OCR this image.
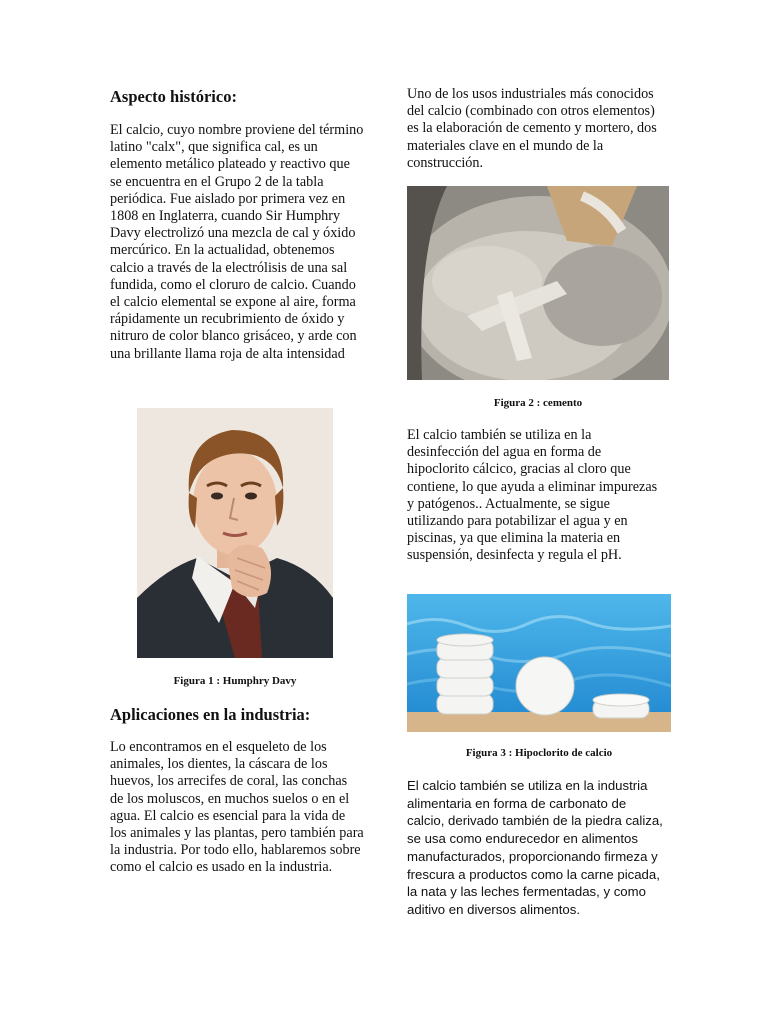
Aspecto histórico:

El calcio, cuyo nombre proviene del término latino "calx", que significa cal, es un elemento metálico plateado y reactivo que se encuentra en el Grupo 2 de la tabla periódica. Fue aislado por primera vez en 1808 en Inglaterra, cuando Sir Humphry Davy electrolizó una mezcla de cal y óxido mercúrico. En la actualidad, obtenemos calcio a través de la electrólisis de una sal fundida, como el cloruro de calcio. Cuando el calcio elemental se expone al aire, forma rápidamente un recubrimiento de óxido y nitruro de color blanco grisáceo, y arde con una brillante llama roja de alta intensidad

Figura 1 : Humphry Davy

Aplicaciones en la industria:

Lo encontramos en el esqueleto de los animales, los dientes, la cáscara de los huevos, los arrecifes de coral, las conchas de los moluscos, en muchos suelos o en el agua. El calcio es esencial para la vida de los animales y las plantas, pero también para la industria. Por todo ello, hablaremos sobre como el calcio es usado en la industria.

Uno de los usos industriales más conocidos del calcio (combinado con otros elementos) es la elaboración de cemento y mortero, dos materiales clave en el mundo de la construcción.

Figura 2 : cemento

El calcio también se utiliza en la desinfección del agua en forma de hipoclorito cálcico, gracias al cloro que contiene, lo que ayuda a eliminar impurezas y patógenos.. Actualmente, se sigue utilizando para potabilizar el agua y en piscinas, ya que elimina la materia en suspensión, desinfecta y regula el pH.

Figura 3 : Hipoclorito de calcio

El calcio también se utiliza en la industria alimentaria en forma de carbonato de calcio, derivado también de la piedra caliza, se usa como endurecedor en alimentos manufacturados, proporcionando firmeza y frescura a productos como la carne picada, la nata y las leches fermentadas, y como aditivo en diversos alimentos.
